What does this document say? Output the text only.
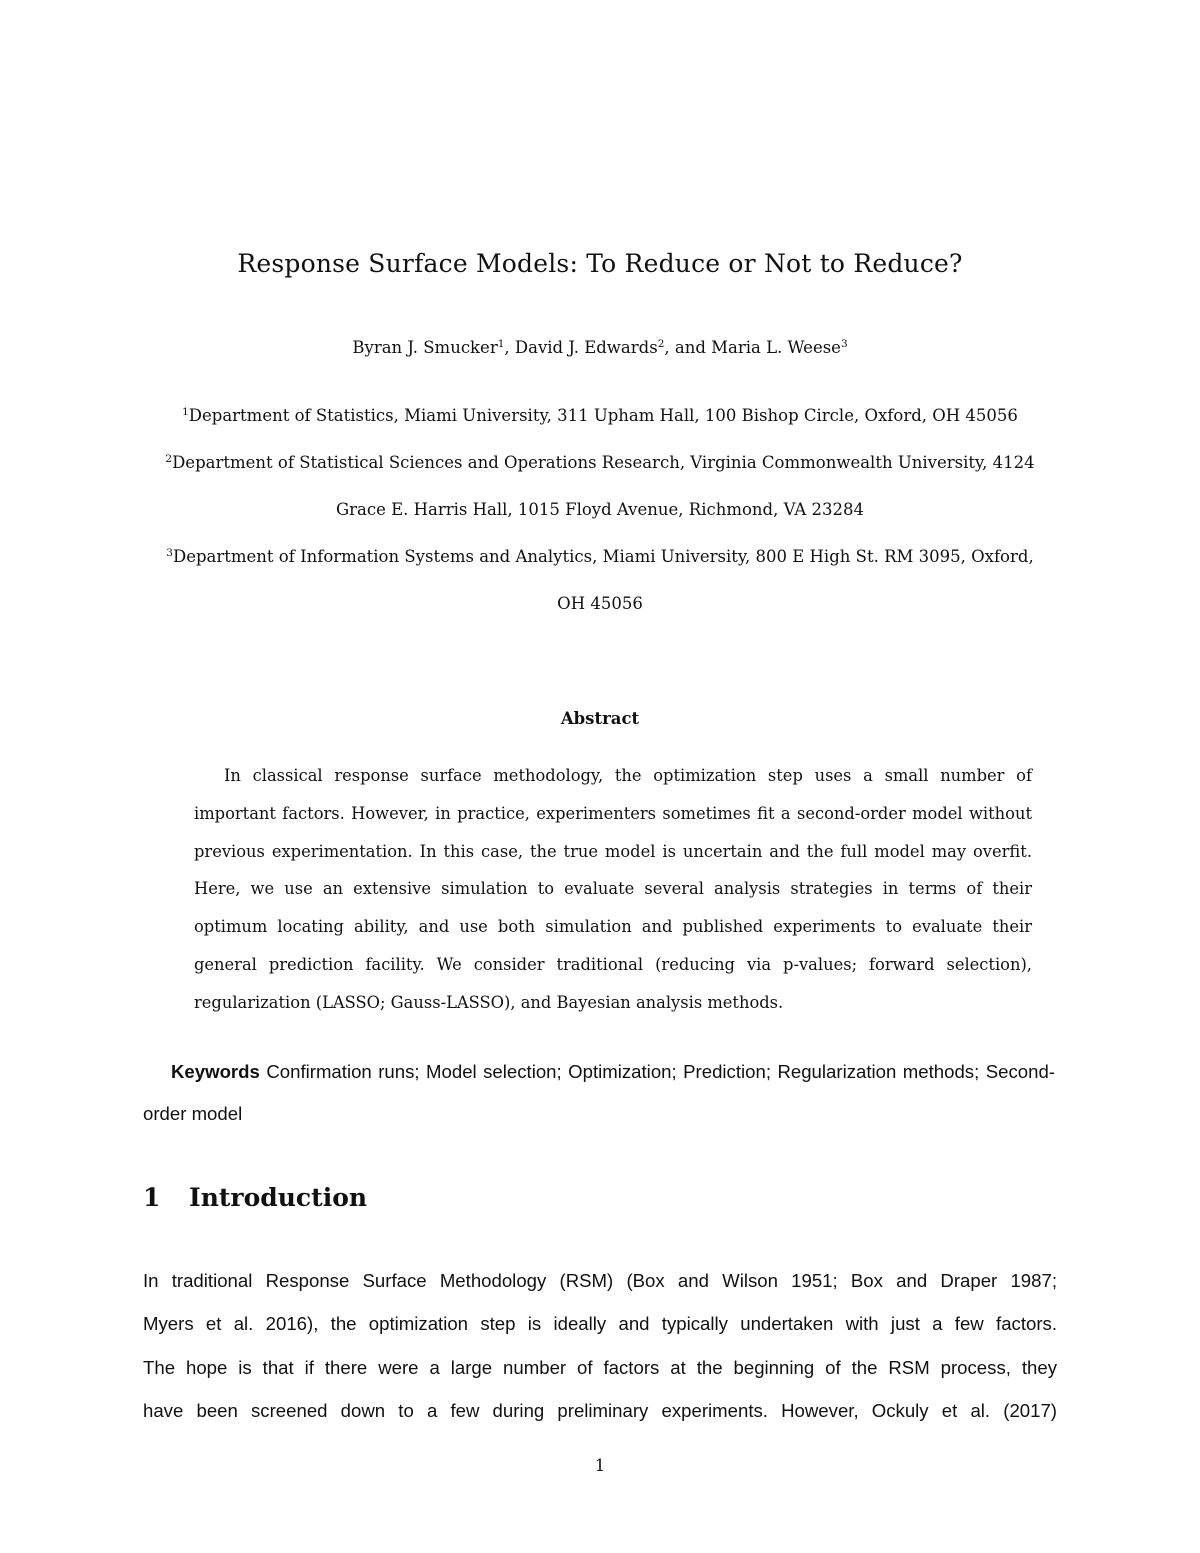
Response Surface Models: To Reduce or Not to Reduce?
Byran J. Smucker$^1$, David J. Edwards$^2$, and Maria L. Weese$^3$
$^1$Department of Statistics, Miami University, 311 Upham Hall, 100 Bishop Circle, Oxford, OH 45056
$^2$Department of Statistical Sciences and Operations Research, Virginia Commonwealth University, 4124
Grace E. Harris Hall, 1015 Floyd Avenue, Richmond, VA 23284
$^3$Department of Information Systems and Analytics, Miami University, 800 E High St. RM 3095, Oxford,
OH 45056
Abstract

In classical response surface methodology, the optimization step uses a small number of important factors. However, in practice, experimenters sometimes fit a second-order model without previous experimentation. In this case, the true model is uncertain and the full model may overfit. Here, we use an extensive simulation to evaluate several analysis strategies in terms of their optimum locating ability, and use both simulation and published experiments to evaluate their general prediction facility. We consider traditional (reducing via p-values; forward selection), regularization (LASSO; Gauss-LASSO), and Bayesian analysis methods.

Keywords Confirmation runs; Model selection; Optimization; Prediction; Regularization methods; Second-order model

1 Introduction
In traditional Response Surface Methodology (RSM) (Box and Wilson 1951; Box and Draper 1987;
Myers et al. 2016), the optimization step is ideally and typically undertaken with just a few factors.
The hope is that if there were a large number of factors at the beginning of the RSM process, they
have been screened down to a few during preliminary experiments. However, Ockuly et al. (2017)
1
